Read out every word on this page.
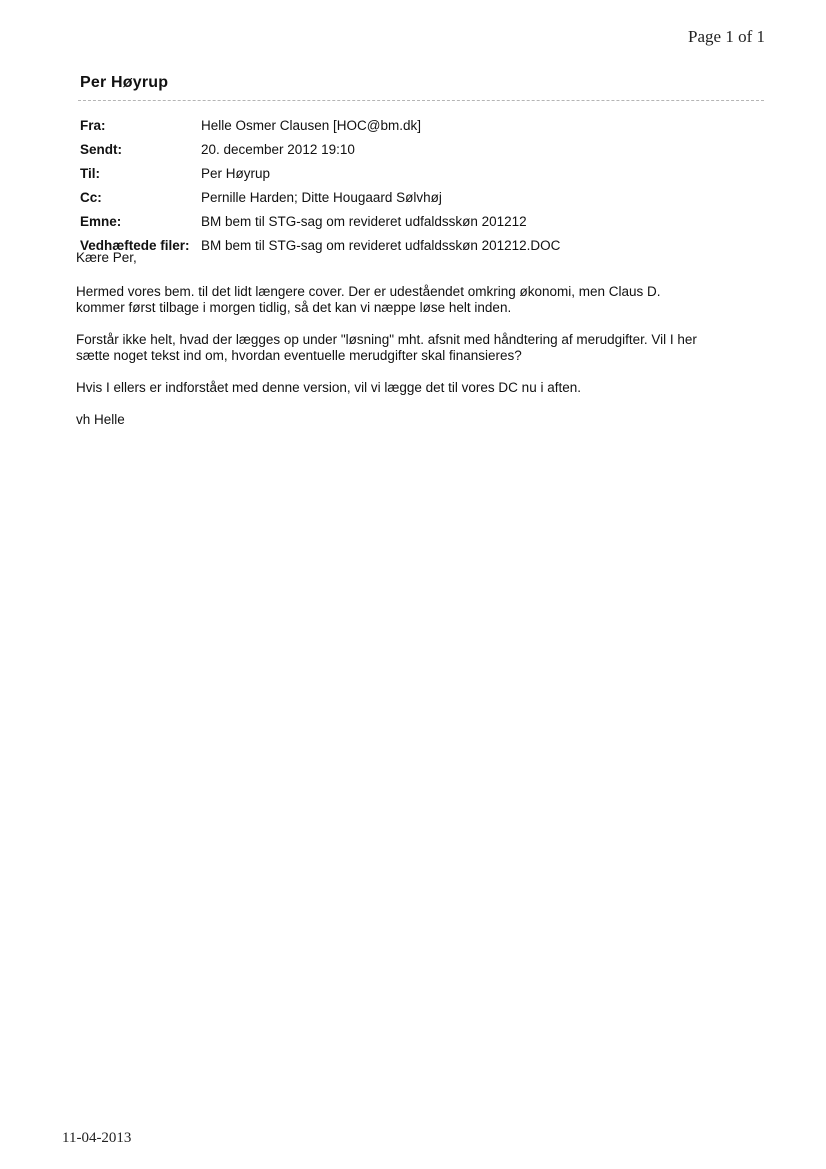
Page 1 of 1
Per Høyrup
Fra:	Helle Osmer Clausen [HOC@bm.dk]
Sendt:	20. december 2012 19:10
Til:	Per Høyrup
Cc:	Pernille Harden; Ditte Hougaard Sølvhøj
Emne:	BM bem til STG-sag om revideret udfaldsskøn 201212
Vedhæftede filer: BM bem til STG-sag om revideret udfaldsskøn 201212.DOC

Kære Per,

Hermed vores bem. til det lidt længere cover. Der er udeståendet omkring økonomi, men Claus D.
kommer først tilbage i morgen tidlig, så det kan vi næppe løse helt inden.

Forstår ikke helt, hvad der lægges op under "løsning" mht. afsnit med håndtering af merudgifter. Vil I her
sætte noget tekst ind om, hvordan eventuelle merudgifter skal finansieres?

Hvis I ellers er indforstået med denne version, vil vi lægge det til vores DC nu i aften.

vh Helle

11-04-2013
